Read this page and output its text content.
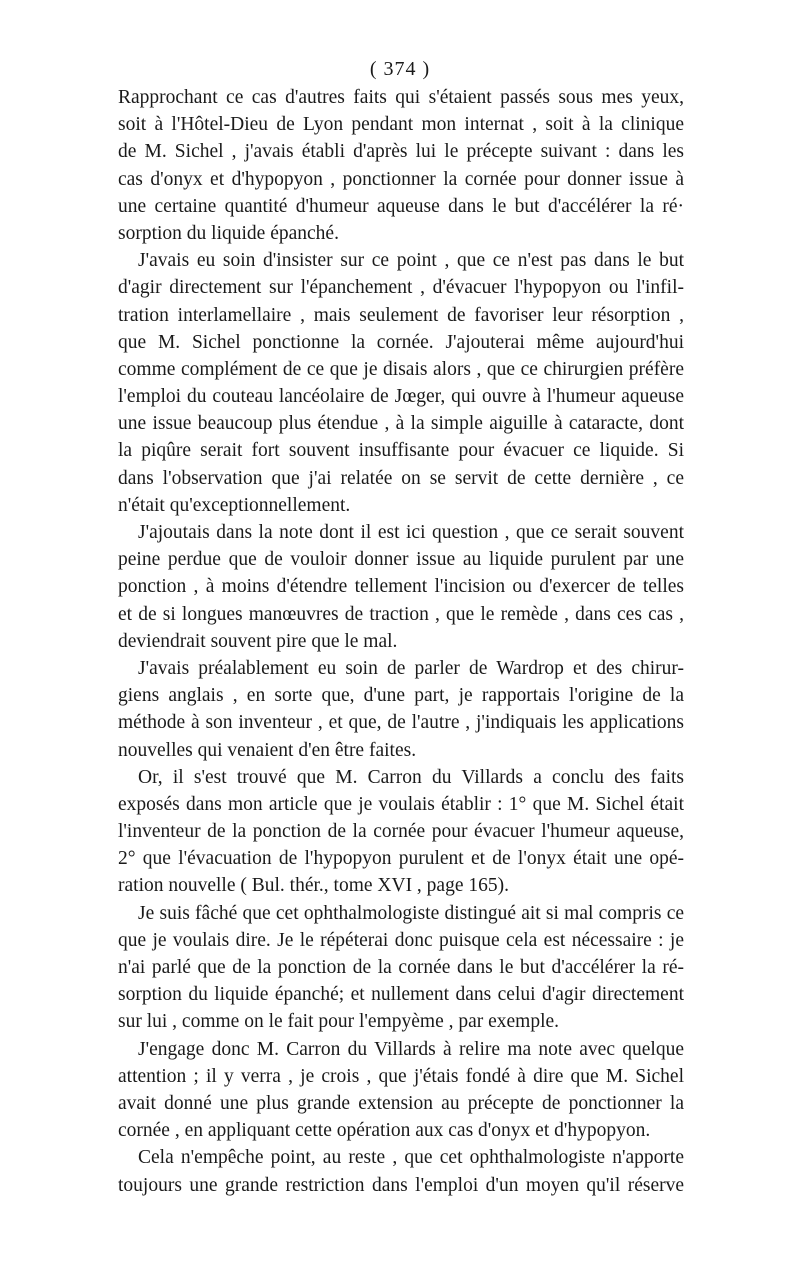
( 374 )
Rapprochant ce cas d'autres faits qui s'étaient passés sous mes yeux,
soit à l'Hôtel-Dieu de Lyon pendant mon internat , soit à la clinique
de M. Sichel , j'avais établi d'après lui le précepte suivant : dans les
cas d'onyx et d'hypopyon , ponctionner la cornée pour donner issue à
une certaine quantité d'humeur aqueuse dans le but d'accélérer la ré·
sorption du liquide épanché.
J'avais eu soin d'insister sur ce point , que ce n'est pas dans le but
d'agir directement sur l'épanchement , d'évacuer l'hypopyon ou l'infil-
tration interlamellaire , mais seulement de favoriser leur résorption ,
que M. Sichel ponctionne la cornée. J'ajouterai même aujourd'hui
comme complément de ce que je disais alors , que ce chirurgien préfère
l'emploi du couteau lancéolaire de Jœger, qui ouvre à l'humeur aqueuse
une issue beaucoup plus étendue , à la simple aiguille à cataracte, dont
la piqûre serait fort souvent insuffisante pour évacuer ce liquide. Si
dans l'observation que j'ai relatée on se servit de cette dernière , ce
n'était qu'exceptionnellement.
J'ajoutais dans la note dont il est ici question , que ce serait souvent
peine perdue que de vouloir donner issue au liquide purulent par une
ponction , à moins d'étendre tellement l'incision ou d'exercer de telles
et de si longues manœuvres de traction , que le remède , dans ces cas ,
deviendrait souvent pire que le mal.
J'avais préalablement eu soin de parler de Wardrop et des chirur-
giens anglais , en sorte que, d'une part, je rapportais l'origine de la
méthode à son inventeur , et que, de l'autre , j'indiquais les applications
nouvelles qui venaient d'en être faites.
Or, il s'est trouvé que M. Carron du Villards a conclu des faits
exposés dans mon article que je voulais établir : 1° que M. Sichel était
l'inventeur de la ponction de la cornée pour évacuer l'humeur aqueuse,
2° que l'évacuation de l'hypopyon purulent et de l'onyx était une opé-
ration nouvelle ( Bul. thér., tome XVI , page 165).
Je suis fâché que cet ophthalmologiste distingué ait si mal compris ce
que je voulais dire. Je le répéterai donc puisque cela est nécessaire : je
n'ai parlé que de la ponction de la cornée dans le but d'accélérer la ré-
sorption du liquide épanché; et nullement dans celui d'agir directement
sur lui , comme on le fait pour l'empyème , par exemple.
J'engage donc M. Carron du Villards à relire ma note avec quelque
attention ; il y verra , je crois , que j'étais fondé à dire que M. Sichel
avait donné une plus grande extension au précepte de ponctionner la
cornée , en appliquant cette opération aux cas d'onyx et d'hypopyon.
Cela n'empêche point, au reste , que cet ophthalmologiste n'apporte
toujours une grande restriction dans l'emploi d'un moyen qu'il réserve
